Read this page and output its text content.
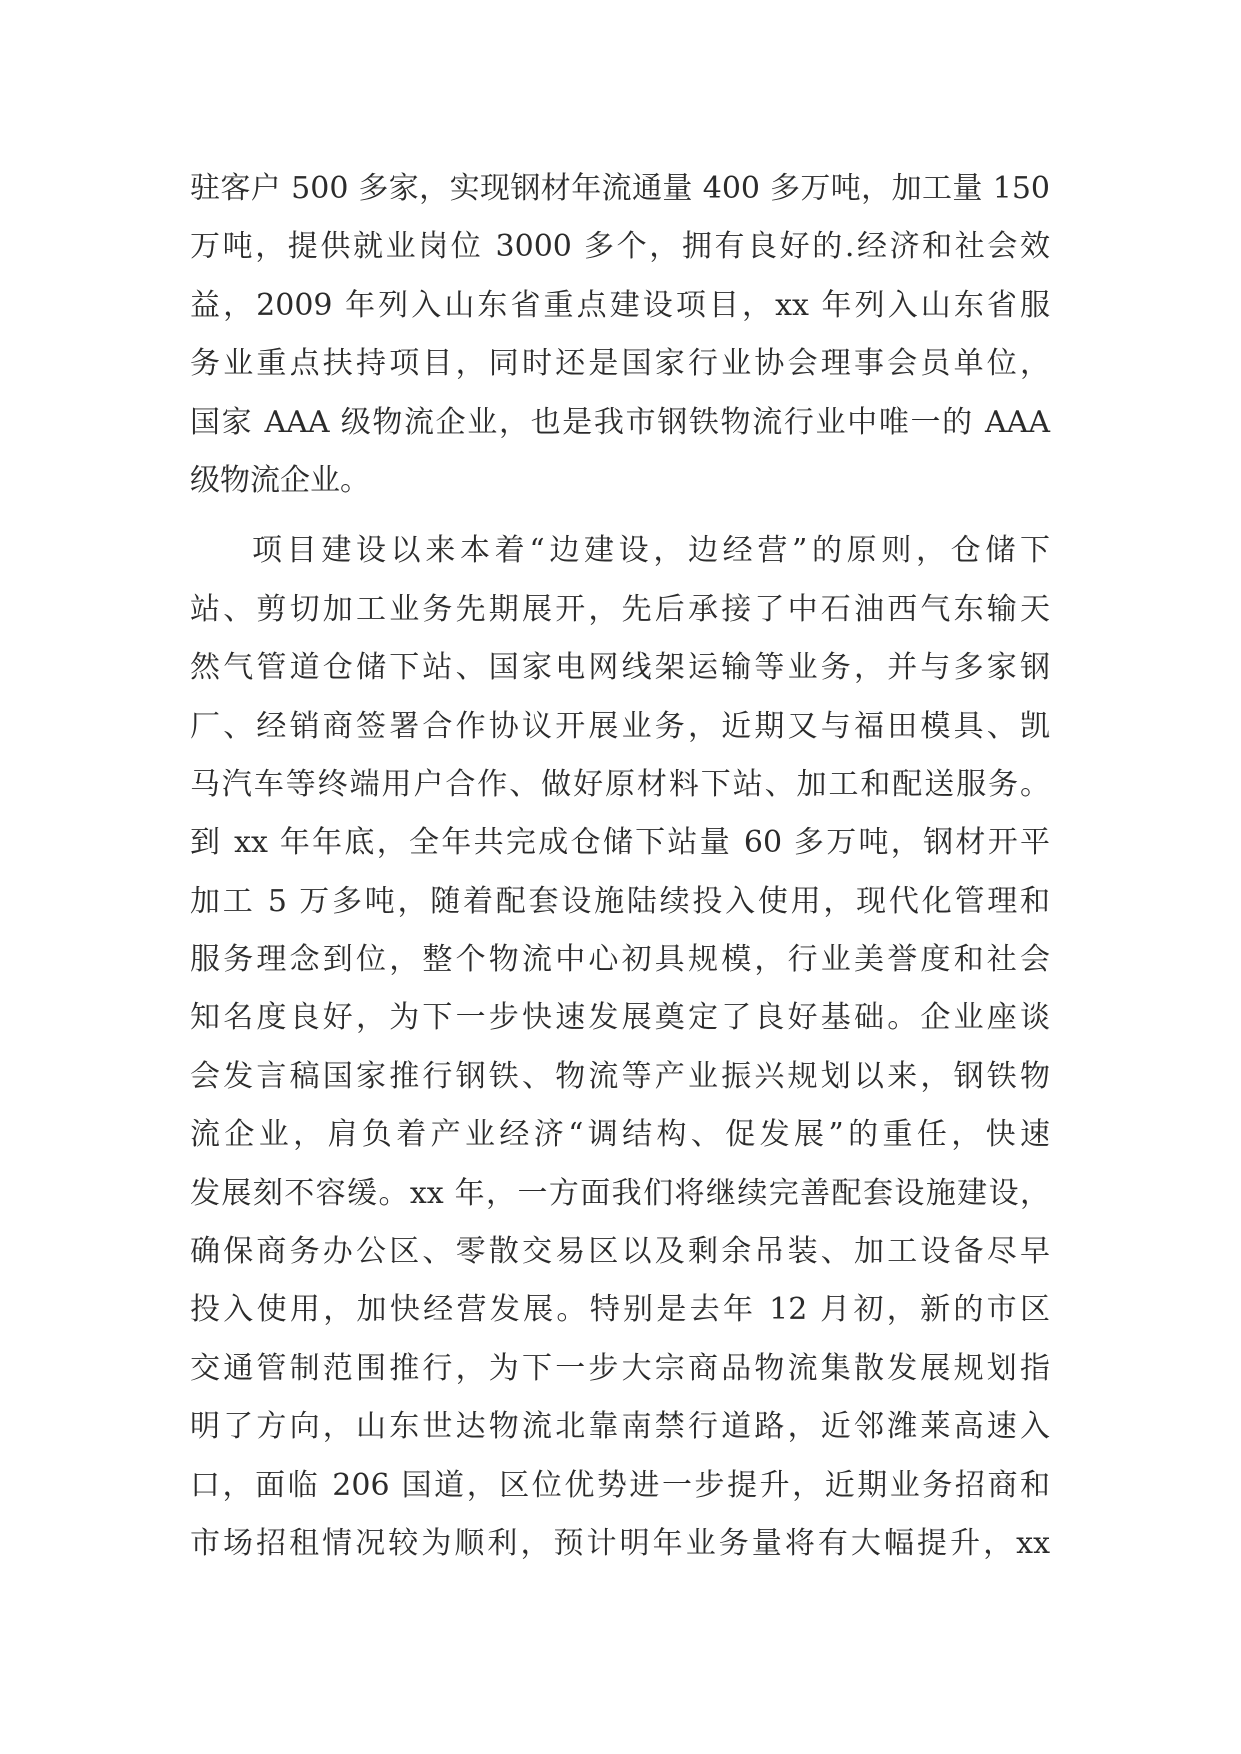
驻客户 500 多家，实现钢材年流通量 400 多万吨，加工量 150
万吨，提供就业岗位 3000 多个，拥有良好的.经济和社会效
益，2009 年列入山东省重点建设项目，xx 年列入山东省服
务业重点扶持项目，同时还是国家行业协会理事会员单位，
国家 AAA 级物流企业，也是我市钢铁物流行业中唯一的 AAA
级物流企业。
项目建设以来本着“边建设，边经营”的原则，仓储下
站、剪切加工业务先期展开，先后承接了中石油西气东输天
然气管道仓储下站、国家电网线架运输等业务，并与多家钢
厂、经销商签署合作协议开展业务，近期又与福田模具、凯
马汽车等终端用户合作、做好原材料下站、加工和配送服务。
到 xx 年年底，全年共完成仓储下站量 60 多万吨，钢材开平
加工 5 万多吨，随着配套设施陆续投入使用，现代化管理和
服务理念到位，整个物流中心初具规模，行业美誉度和社会
知名度良好，为下一步快速发展奠定了良好基础。企业座谈
会发言稿国家推行钢铁、物流等产业振兴规划以来，钢铁物
流企业，肩负着产业经济“调结构、促发展”的重任，快速
发展刻不容缓。xx 年，一方面我们将继续完善配套设施建设，
确保商务办公区、零散交易区以及剩余吊装、加工设备尽早
投入使用，加快经营发展。特别是去年 12 月初，新的市区
交通管制范围推行，为下一步大宗商品物流集散发展规划指
明了方向，山东世达物流北靠南禁行道路，近邻潍莱高速入
口，面临 206 国道，区位优势进一步提升，近期业务招商和
市场招租情况较为顺利，预计明年业务量将有大幅提升，xx
